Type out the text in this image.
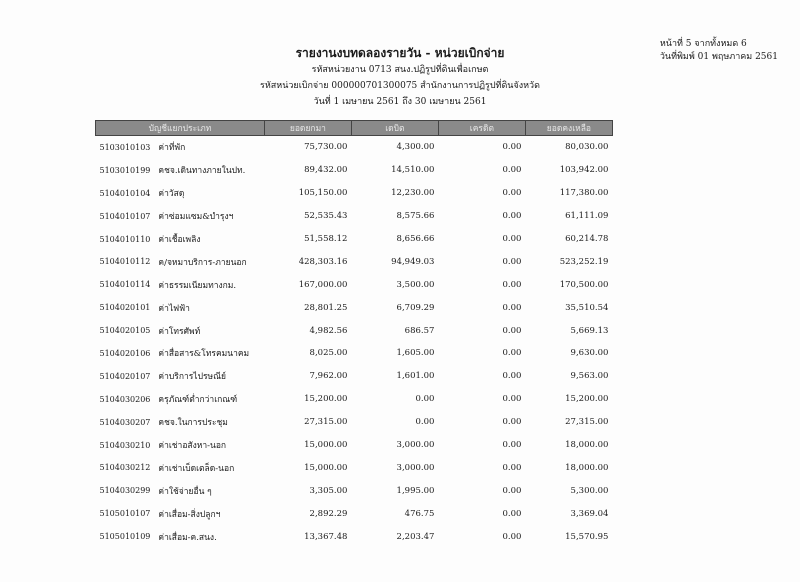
รายงานงบทดลองรายวัน - หน่วยเบิกจ่าย
รหัสหน่วยงาน 0713 สนง.ปฏิรูปที่ดินเพื่อเกษต
รหัสหน่วยเบิกจ่าย 000000701300075 สำนักงานการปฏิรูปที่ดินจังหวัด
วันที่ 1 เมษายน 2561 ถึง 30 เมษายน 2561
หน้าที่ 5 จากทั้งหมด 6
วันที่พิมพ์ 01 พฤษภาคม 2561
บัญชีแยกประเภท		ยอดยกมา	เดบิต	เครดิต	ยอดคงเหลือ
5103010103	ค่าที่พัก	75,730.00	4,300.00	0.00	80,030.00
5103010199	คชจ.เดินทางภายในปท.	89,432.00	14,510.00	0.00	103,942.00
5104010104	ค่าวัสดุ	105,150.00	12,230.00	0.00	117,380.00
5104010107	ค่าซ่อมแซม&บำรุงฯ	52,535.43	8,575.66	0.00	61,111.09
5104010110	ค่าเชื้อเพลิง	51,558.12	8,656.66	0.00	60,214.78
5104010112	ค/จหมาบริการ-ภายนอก	428,303.16	94,949.03	0.00	523,252.19
5104010114	ค่าธรรมเนียมทางกม.	167,000.00	3,500.00	0.00	170,500.00
5104020101	ค่าไฟฟ้า	28,801.25	6,709.29	0.00	35,510.54
5104020105	ค่าโทรศัพท์	4,982.56	686.57	0.00	5,669.13
5104020106	ค่าสื่อสาร&โทรคมนาคม	8,025.00	1,605.00	0.00	9,630.00
5104020107	ค่าบริการไปรษณีย์	7,962.00	1,601.00	0.00	9,563.00
5104030206	ครุภัณฑ์ต่ำกว่าเกณฑ์	15,200.00	0.00	0.00	15,200.00
5104030207	คชจ.ในการประชุม	27,315.00	0.00	0.00	27,315.00
5104030210	ค่าเช่าอสังหา-นอก	15,000.00	3,000.00	0.00	18,000.00
5104030212	ค่าเช่าเบ็ดเตล็ด-นอก	15,000.00	3,000.00	0.00	18,000.00
5104030299	ค่าใช้จ่ายอื่น ๆ	3,305.00	1,995.00	0.00	5,300.00
5105010107	ค่าเสื่อม-สิ่งปลูกฯ	2,892.29	476.75	0.00	3,369.04
5105010109	ค่าเสื่อม-ค.สนง.	13,367.48	2,203.47	0.00	15,570.95
